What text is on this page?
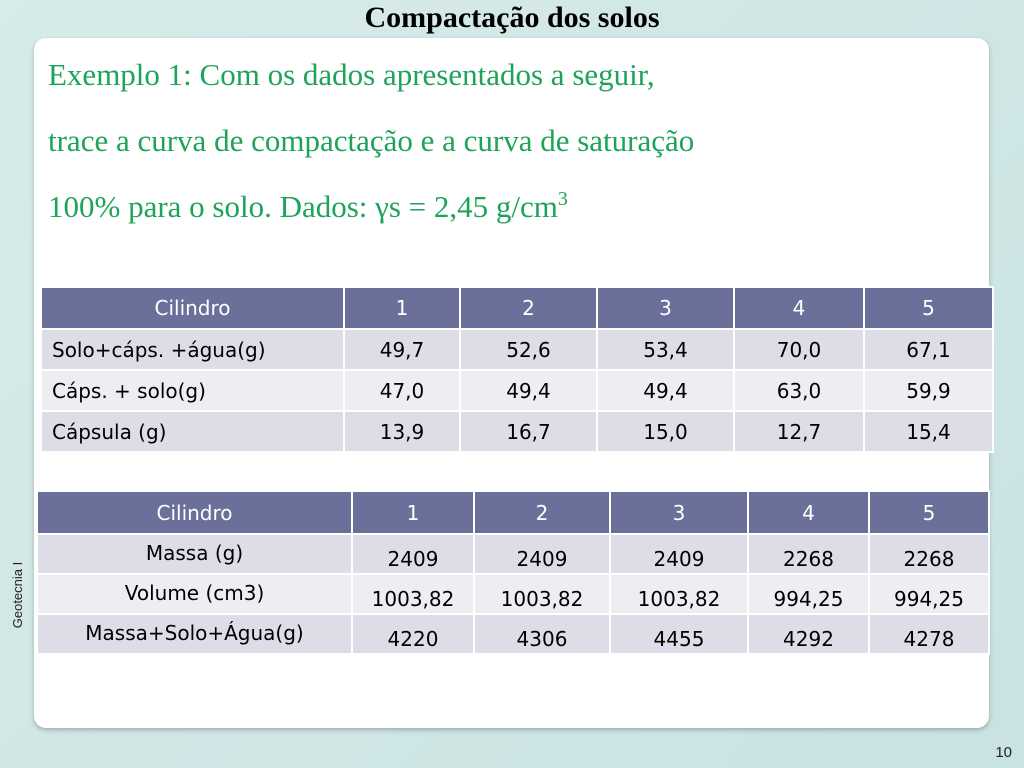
Compactação dos solos
Exemplo 1: Com os dados apresentados a seguir,
trace a curva de compactação e a curva de saturação
100% para o solo. Dados: γs = 2,45 $g/cm^3$
Cilindro	1	2	3	4	5
Solo+cáps. +água(g)	49,7	52,6	53,4	70,0	67,1
Cáps. + solo(g)	47,0	49,4	49,4	63,0	59,9
Cápsula (g)	13,9	16,7	15,0	12,7	15,4
Cilindro	1	2	3	4	5
Massa (g)	2409	2409	2409	2268	2268
Volume (cm3)	1003,82	1003,82	1003,82	994,25	994,25
Massa+Solo+Água(g)	4220	4306	4455	4292	4278
Geotecnia I
10
